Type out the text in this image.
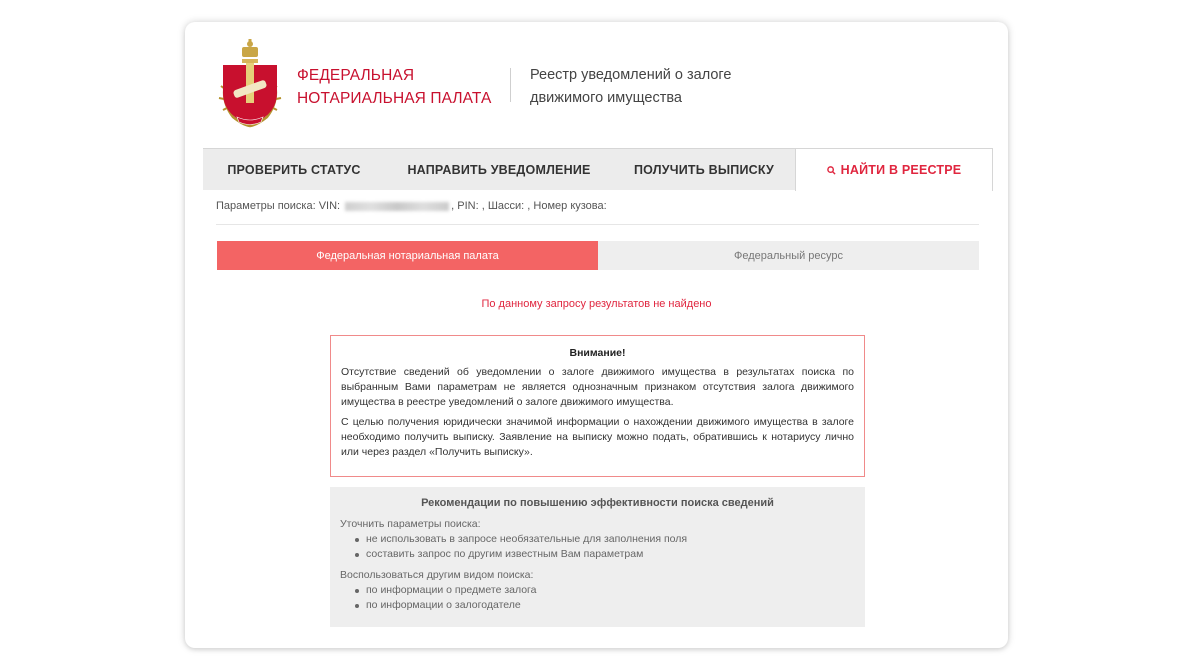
ФЕДЕРАЛЬНАЯ
НОТАРИАЛЬНАЯ ПАЛАТА
Реестр уведомлений о залоге
движимого имущества
ПРОВЕРИТЬ СТАТУС	НАПРАВИТЬ УВЕДОМЛЕНИЕ	ПОЛУЧИТЬ ВЫПИСКУ	НАЙТИ В РЕЕСТРЕ
Параметры поиска: VIN:	, PIN: , Шасси: , Номер кузова:
Федеральная нотариальная палата	Федеральный ресурс
По данному запросу результатов не найдено
Внимание!

Отсутствие сведений об уведомлении о залоге движимого имущества в результатах поиска по выбранным Вами параметрам не является однозначным признаком отсутствия залога движимого имущества в реестре уведомлений о залоге движимого имущества.

С целью получения юридически значимой информации о нахождении движимого имущества в залоге необходимо получить выписку. Заявление на выписку можно подать, обратившись к нотариусу лично или через раздел «Получить выписку».

Рекомендации по повышению эффективности поиска сведений
Уточнить параметры поиска:
не использовать в запросе необязательные для заполнения поля
составить запрос по другим известным Вам параметрам
Воспользоваться другим видом поиска:
по информации о предмете залога
по информации о залогодателе
